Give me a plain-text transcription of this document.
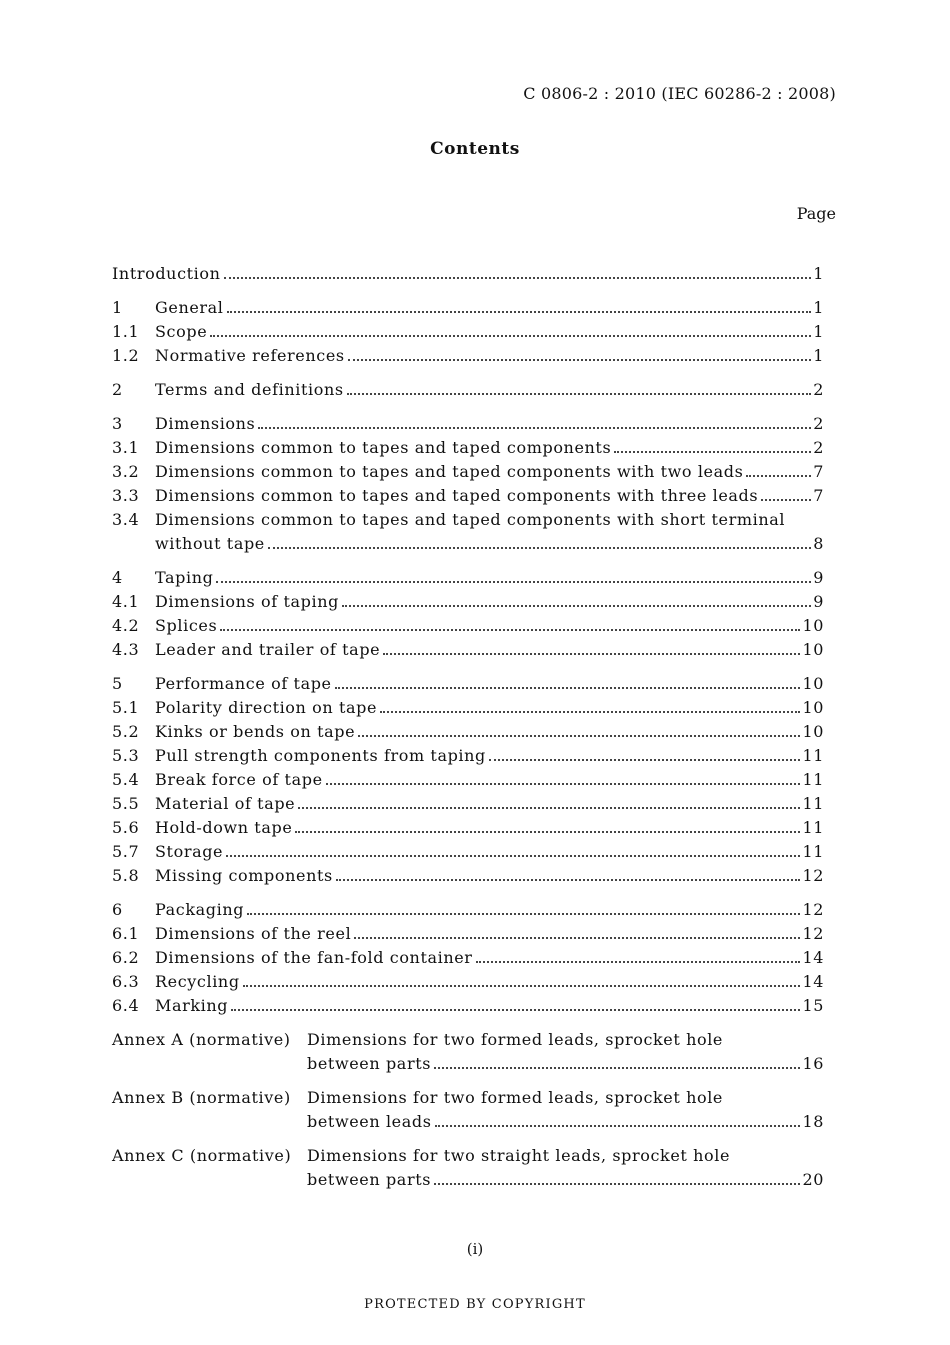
C 0806-2 : 2010 (IEC 60286-2 : 2008)
Contents
Page
Introduction	1
1	General	1
1.1 Scope	1
1.2 Normative references	1
2	Terms and definitions	2
3	Dimensions	2
3.1 Dimensions common to tapes and taped components	2
3.2 Dimensions common to tapes and taped components with two leads	7
3.3 Dimensions common to tapes and taped components with three leads	7
3.4 Dimensions common to tapes and taped components with short terminal
without tape	8
4	Taping	9
4.1 Dimensions of taping	9
4.2 Splices	10
4.3 Leader and trailer of tape	10
5	Performance of tape	10
5.1 Polarity direction on tape	10
5.2 Kinks or bends on tape	10
5.3 Pull strength components from taping	11
5.4 Break force of tape	11
5.5 Material of tape	11
5.6 Hold-down tape	11
5.7 Storage	11
5.8 Missing components	12
6	Packaging	12
6.1 Dimensions of the reel	12
6.2 Dimensions of the fan-fold container	14
6.3 Recycling	14
6.4 Marking	15
Annex A (normative)	Dimensions for two formed leads, sprocket hole
between parts	16
Annex B (normative)	Dimensions for two formed leads, sprocket hole
between leads	18
Annex C (normative) Dimensions for two straight leads, sprocket hole
between parts	20
(i)
PROTECTED BY COPYRIGHT
